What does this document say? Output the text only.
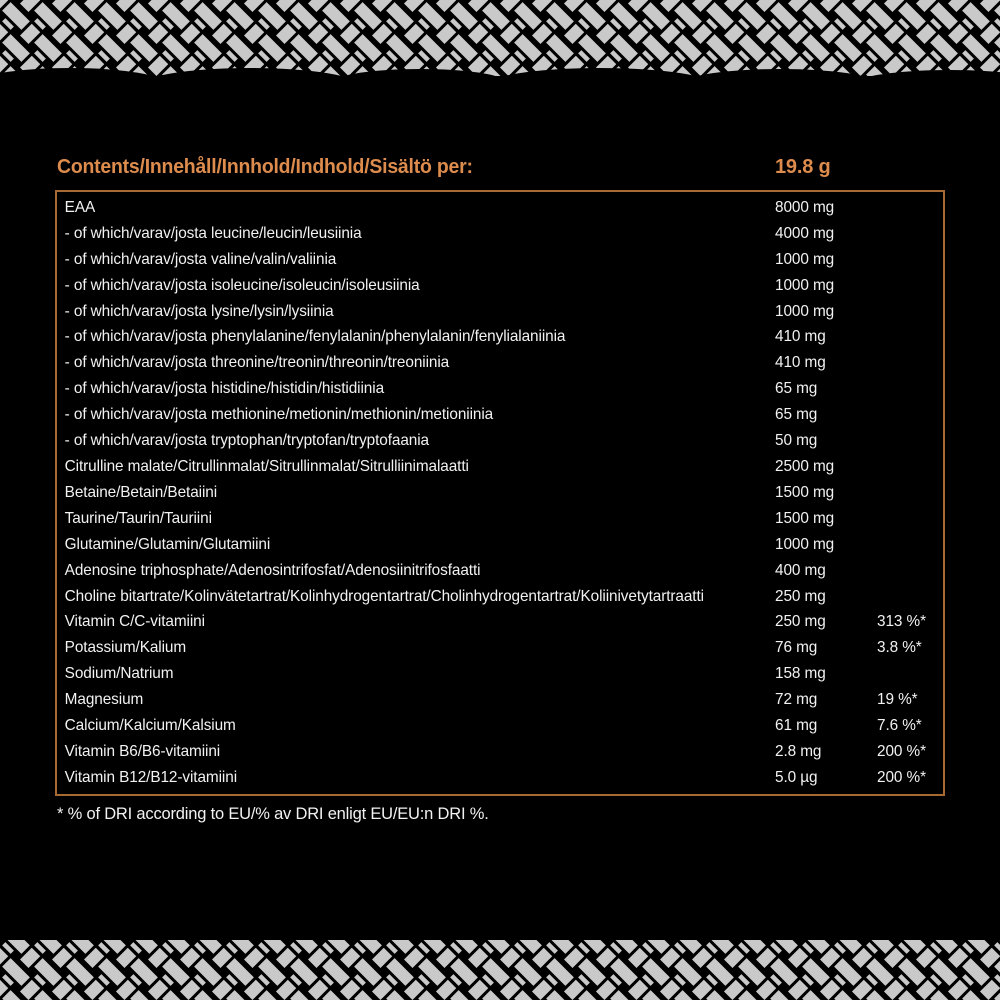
Contents/Innehåll/Innhold/Indhold/Sisältö per:	19.8 g
EAA	8000 mg
- of which/varav/josta leucine/leucin/leusiinia	4000 mg
- of which/varav/josta valine/valin/valiinia	1000 mg
- of which/varav/josta isoleucine/isoleucin/isoleusiinia	1000 mg
- of which/varav/josta lysine/lysin/lysiinia	1000 mg
- of which/varav/josta phenylalanine/fenylalanin/phenylalanin/fenylialaniinia	410 mg
- of which/varav/josta threonine/treonin/threonin/treoniinia	410 mg
- of which/varav/josta histidine/histidin/histidiinia	65 mg
- of which/varav/josta methionine/metionin/methionin/metioniinia	65 mg
- of which/varav/josta tryptophan/tryptofan/tryptofaania	50 mg
Citrulline malate/Citrullinmalat/Sitrullinmalat/Sitrulliinimalaatti	2500 mg
Betaine/Betain/Betaiini	1500 mg
Taurine/Taurin/Tauriini	1500 mg
Glutamine/Glutamin/Glutamiini	1000 mg
Adenosine triphosphate/Adenosintrifosfat/Adenosiinitrifosfaatti	400 mg
Choline bitartrate/Kolinvätetartrat/Kolinhydrogentartrat/Cholinhydrogentartrat/Koliinivetytartraatti	250 mg
Vitamin C/C-vitamiini	250 mg	313 %*
Potassium/Kalium	76 mg	3.8 %*
Sodium/Natrium	158 mg
Magnesium	72 mg	19 %*
Calcium/Kalcium/Kalsium	61 mg	7.6 %*
Vitamin B6/B6-vitamiini	2.8 mg	200 %*
Vitamin B12/B12-vitamiini	5.0 µg	200 %*
* % of DRI according to EU/% av DRI enligt EU/EU:n DRI %.
